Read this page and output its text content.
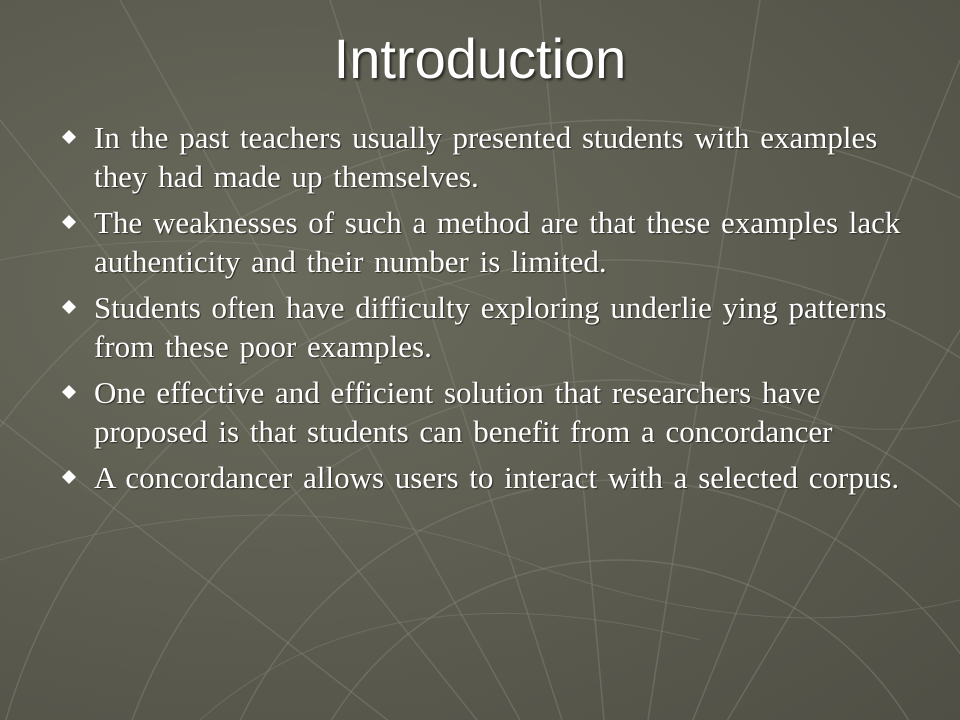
Introduction
In the past teachers usually presented students with examples they had made up themselves.
The weaknesses of such a method are that these examples lack authenticity and their number is limited.
Students often have difficulty exploring underlie ying patterns from these poor examples.
One effective and efficient solution that researchers have proposed is that students can benefit from a concordancer
A concordancer allows users to interact with a selected corpus.
